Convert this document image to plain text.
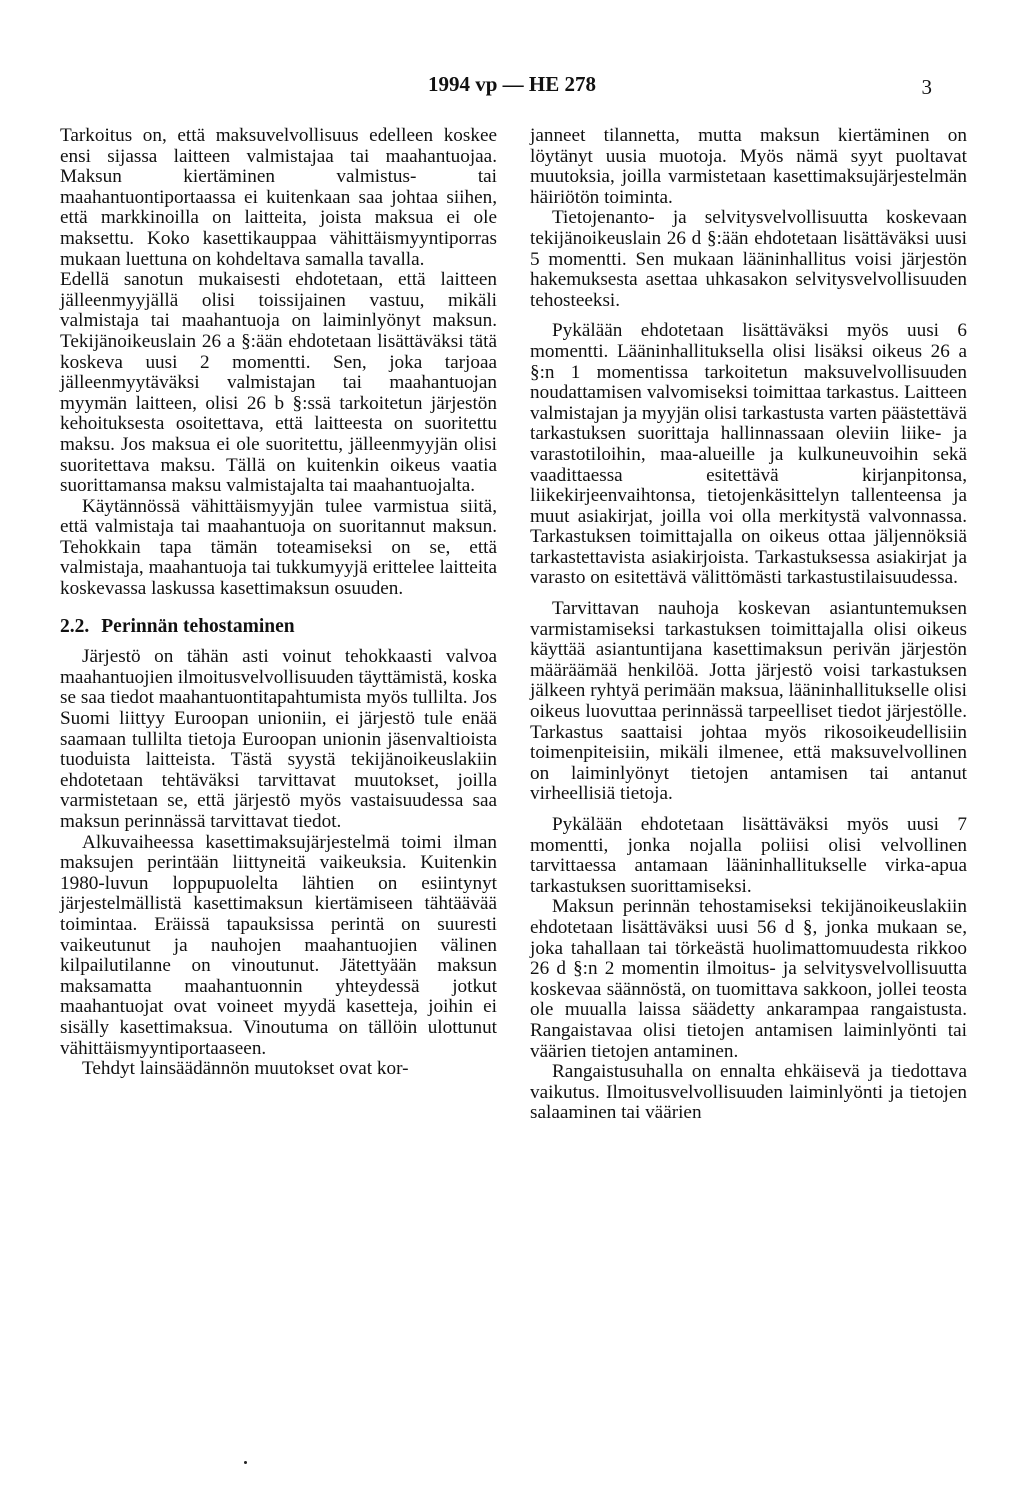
1994 vp — HE 278	3

Tarkoitus on, että maksuvelvollisuus edelleen koskee ensi sijassa laitteen valmistajaa tai maahantuojaa. Maksun kiertäminen valmistus- tai maahantuontiportaassa ei kuitenkaan saa johtaa siihen, että markkinoilla on laitteita, joista maksua ei ole maksettu. Koko kasettikauppaa vähittäismyyntiporras mukaan luettuna on kohdeltava samalla tavalla.

Edellä sanotun mukaisesti ehdotetaan, että laitteen jälleenmyyjällä olisi toissijainen vastuu, mikäli valmistaja tai maahantuoja on laiminlyönyt maksun. Tekijänoikeuslain 26 a §:ään ehdotetaan lisättäväksi tätä koskeva uusi 2 momentti. Sen, joka tarjoaa jälleenmyytäväksi valmistajan tai maahantuojan myymän laitteen, olisi 26 b §:ssä tarkoitetun järjestön kehoituksesta osoitettava, että laitteesta on suoritettu maksu. Jos maksua ei ole suoritettu, jälleenmyyjän olisi suoritettava maksu. Tällä on kuitenkin oikeus vaatia suorittamansa maksu valmistajalta tai maahantuojalta.

Käytännössä vähittäismyyjän tulee varmistua siitä, että valmistaja tai maahantuoja on suoritannut maksun. Tehokkain tapa tämän toteamiseksi on se, että valmistaja, maahantuoja tai tukkumyyjä erittelee laitteita koskevassa laskussa kasettimaksun osuuden.

2.2. Perinnän tehostaminen

Järjestö on tähän asti voinut tehokkaasti valvoa maahantuojien ilmoitusvelvollisuuden täyttämistä, koska se saa tiedot maahantuontitapahtumista myös tullilta. Jos Suomi liittyy Euroopan unioniin, ei järjestö tule enää saamaan tullilta tietoja Euroopan unionin jäsenvaltioista tuoduista laitteista. Tästä syystä tekijänoikeuslakiin ehdotetaan tehtäväksi tarvittavat muutokset, joilla varmistetaan se, että järjestö myös vastaisuudessa saa maksun perinnässä tarvittavat tiedot.

Alkuvaiheessa kasettimaksujärjestelmä toimi ilman maksujen perintään liittyneitä vaikeuksia. Kuitenkin 1980-luvun loppupuolelta lähtien on esiintynyt järjestelmällistä kasettimaksun kiertämiseen tähtäävää toimintaa. Eräissä tapauksissa perintä on suuresti vaikeutunut ja nauhojen maahantuojien välinen kilpailutilanne on vinoutunut. Jätettyään maksun maksamatta maahantuonnin yhteydessä jotkut maahantuojat ovat voineet myydä kasetteja, joihin ei sisälly kasettimaksua. Vinoutuma on tällöin ulottunut vähittäismyyntiportaaseen.

Tehdyt lainsäädännön muutokset ovat kor-

janneet tilannetta, mutta maksun kiertäminen on löytänyt uusia muotoja. Myös nämä syyt puoltavat muutoksia, joilla varmistetaan kasettimaksujärjestelmän häiriötön toiminta.

Tietojenanto- ja selvitysvelvollisuutta koskevaan tekijänoikeuslain 26 d §:ään ehdotetaan lisättäväksi uusi 5 momentti. Sen mukaan lääninhallitus voisi järjestön hakemuksesta asettaa uhkasakon selvitysvelvollisuuden tehosteeksi.

Pykälään ehdotetaan lisättäväksi myös uusi 6 momentti. Lääninhallituksella olisi lisäksi oikeus 26 a §:n 1 momentissa tarkoitetun maksuvelvollisuuden noudattamisen valvomiseksi toimittaa tarkastus. Laitteen valmistajan ja myyjän olisi tarkastusta varten päästettävä tarkastuksen suorittaja hallinnassaan oleviin liike- ja varastotiloihin, maa-alueille ja kulkuneuvoihin sekä vaadittaessa esitettävä kirjanpitonsa, liikekirjeenvaihtonsa, tietojenkäsittelyn tallenteensa ja muut asiakirjat, joilla voi olla merkitystä valvonnassa. Tarkastuksen toimittajalla on oikeus ottaa jäljennöksiä tarkastettavista asiakirjoista. Tarkastuksessa asiakirjat ja varasto on esitettävä välittömästi tarkastustilaisuudessa.

Tarvittavan nauhoja koskevan asiantuntemuksen varmistamiseksi tarkastuksen toimittajalla olisi oikeus käyttää asiantuntijana kasettimaksun perivän järjestön määräämää henkilöä. Jotta järjestö voisi tarkastuksen jälkeen ryhtyä perimään maksua, lääninhallitukselle olisi oikeus luovuttaa perinnässä tarpeelliset tiedot järjestölle. Tarkastus saattaisi johtaa myös rikosoikeudellisiin toimenpiteisiin, mikäli ilmenee, että maksuvelvollinen on laiminlyönyt tietojen antamisen tai antanut virheellisiä tietoja.

Pykälään ehdotetaan lisättäväksi myös uusi 7 momentti, jonka nojalla poliisi olisi velvollinen tarvittaessa antamaan lääninhallitukselle virka-apua tarkastuksen suorittamiseksi.

Maksun perinnän tehostamiseksi tekijänoikeuslakiin ehdotetaan lisättäväksi uusi 56 d §, jonka mukaan se, joka tahallaan tai törkeästä huolimattomuudesta rikkoo 26 d §:n 2 momentin ilmoitus- ja selvitysvelvollisuutta koskevaa säännöstä, on tuomittava sakkoon, jollei teosta ole muualla laissa säädetty ankarampaa rangaistusta. Rangaistavaa olisi tietojen antamisen laiminlyönti tai väärien tietojen antaminen.

Rangaistusuhalla on ennalta ehkäisevä ja tiedottava vaikutus. Ilmoitusvelvollisuuden laiminlyönti ja tietojen salaaminen tai väärien
